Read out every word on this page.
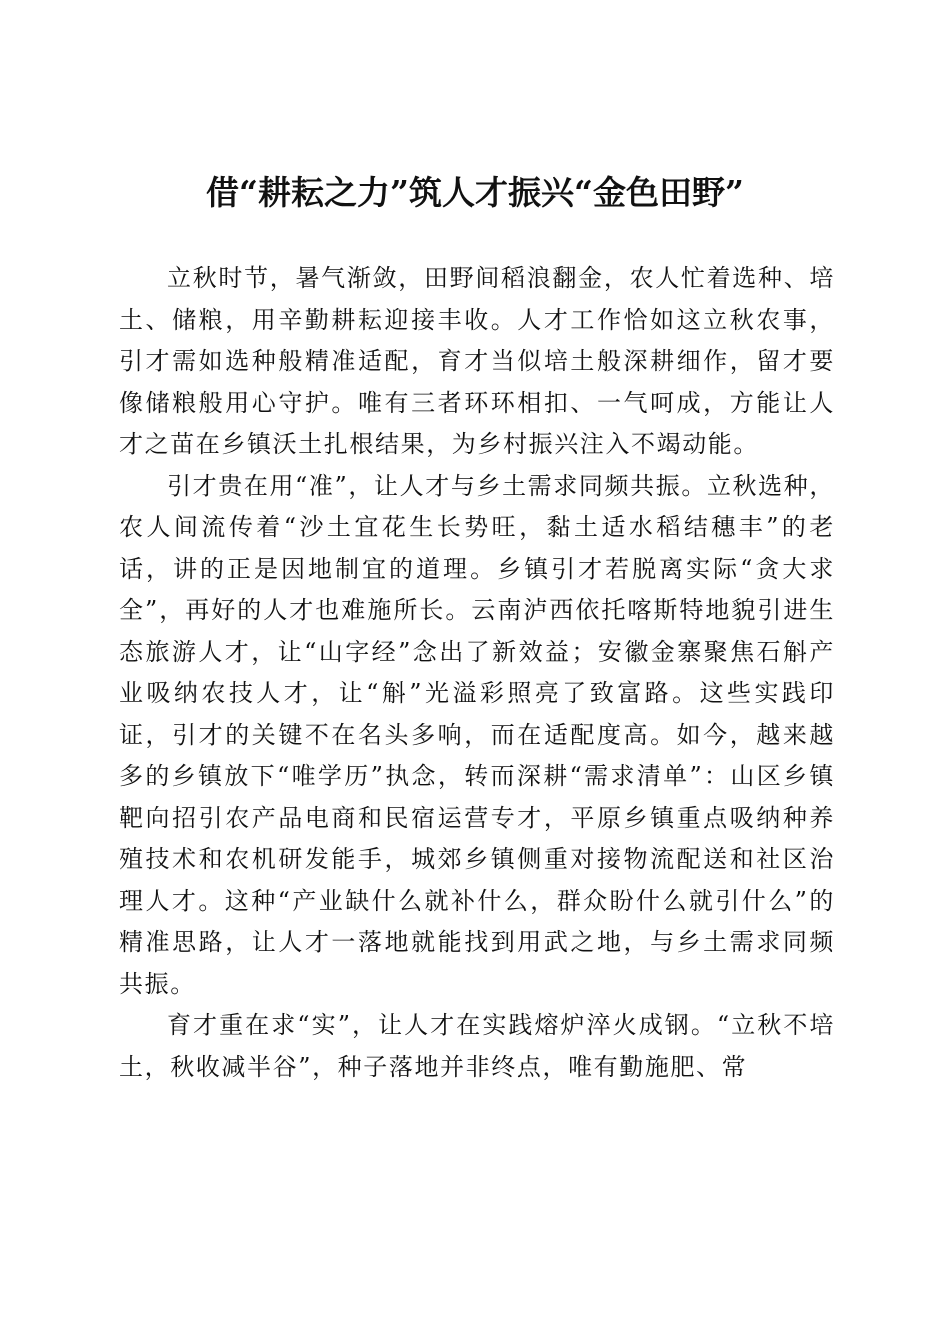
借“耕耘之力”筑人才振兴“金色田野”

立秋时节，暑气渐敛，田野间稻浪翻金，农人忙着选种、培土、储粮，用辛勤耕耘迎接丰收。人才工作恰如这立秋农事，引才需如选种般精准适配，育才当似培土般深耕细作，留才要像储粮般用心守护。唯有三者环环相扣、一气呵成，方能让人才之苗在乡镇沃土扎根结果，为乡村振兴注入不竭动能。

引才贵在用“准”，让人才与乡土需求同频共振。立秋选种，农人间流传着“沙土宜花生长势旺，黏土适水稻结穗丰”的老话，讲的正是因地制宜的道理。乡镇引才若脱离实际“贪大求全”，再好的人才也难施所长。云南泸西依托喀斯特地貌引进生态旅游人才，让“山字经”念出了新效益；安徽金寨聚焦石斛产业吸纳农技人才，让“斛”光溢彩照亮了致富路。这些实践印证，引才的关键不在名头多响，而在适配度高。如今，越来越多的乡镇放下“唯学历”执念，转而深耕“需求清单”：山区乡镇靶向招引农产品电商和民宿运营专才，平原乡镇重点吸纳种养殖技术和农机研发能手，城郊乡镇侧重对接物流配送和社区治理人才。这种“产业缺什么就补什么，群众盼什么就引什么”的精准思路，让人才一落地就能找到用武之地，与乡土需求同频共振。

育才重在求“实”，让人才在实践熔炉淬火成钢。“立秋不培土，秋收减半谷”，种子落地并非终点，唯有勤施肥、常
